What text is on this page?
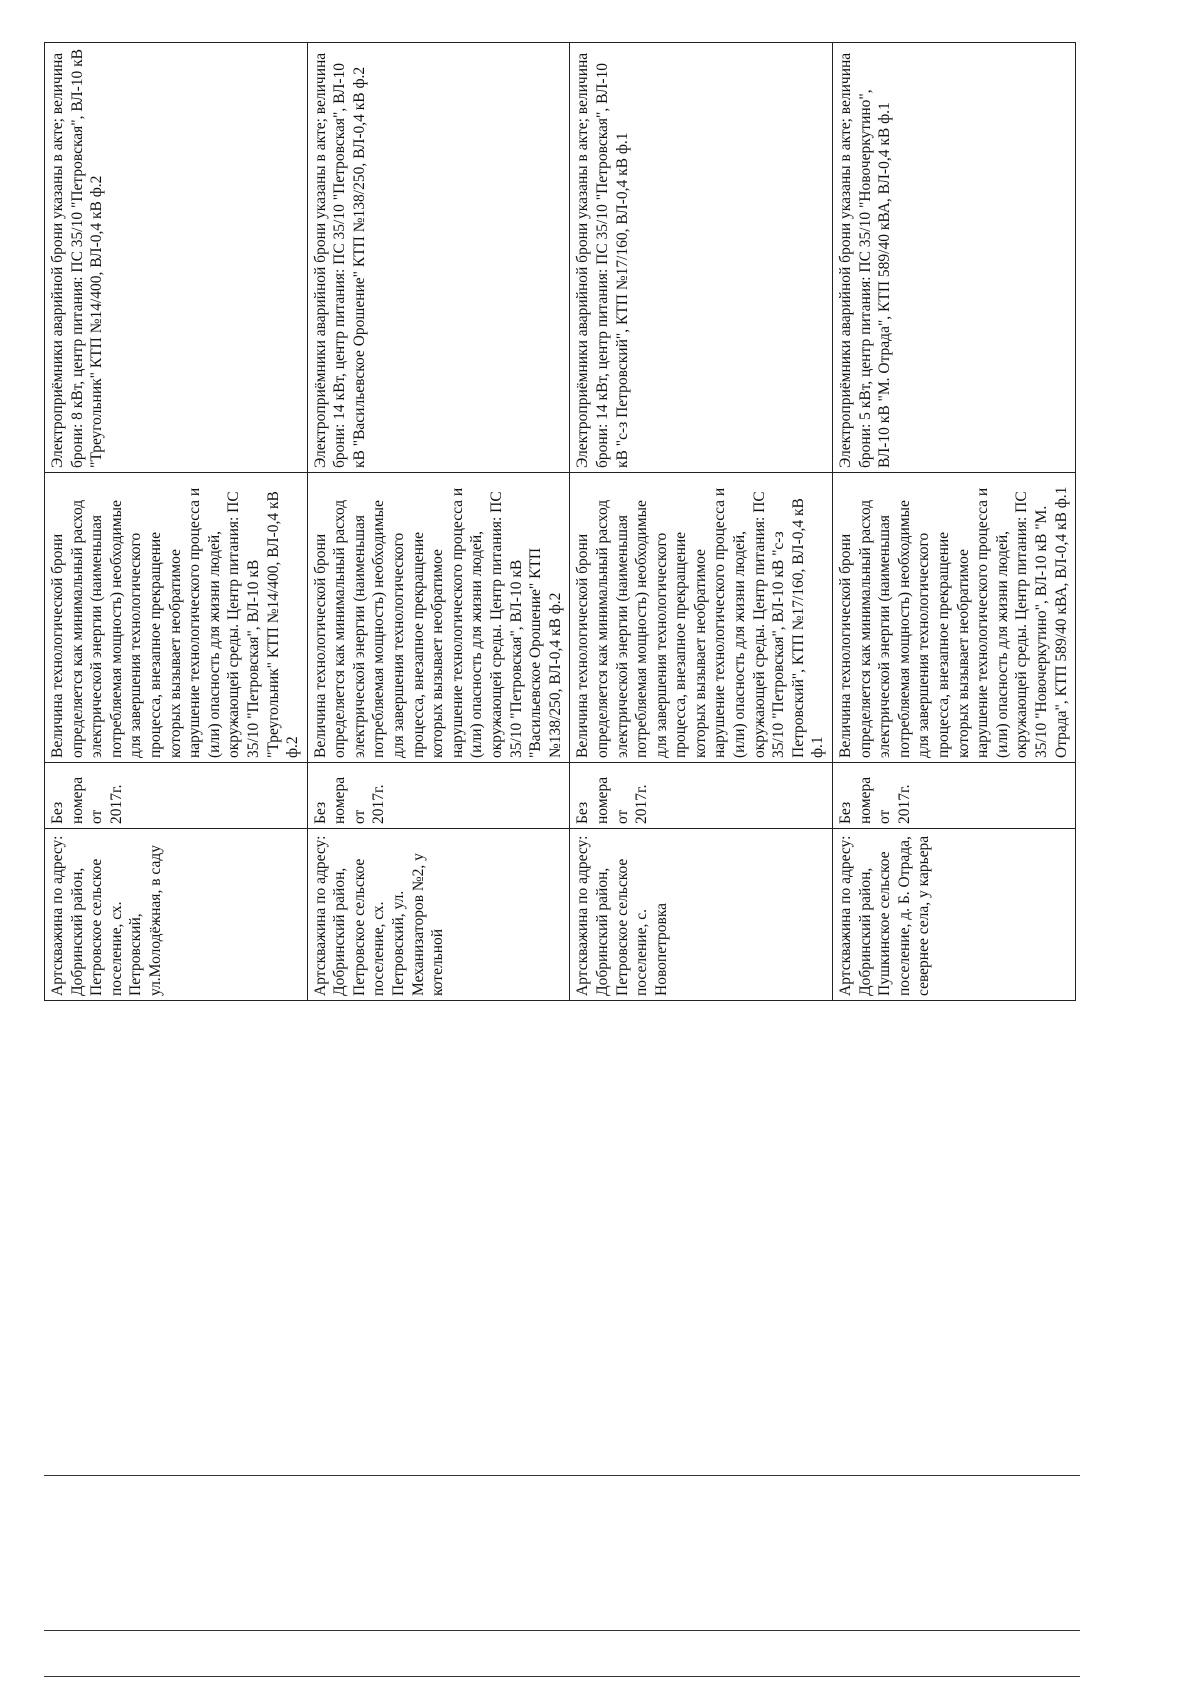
Артскважина по адресу: Добринский район, Петровское сельское поселение, сх. Петровский, ул.Молодёжная, в саду	Без номера от 2017г.	Величина технологической брони определяется как минимальный расход электрической энергии (наименьшая потребляемая мощность) необходимые для завершения технологического процесса, внезапное прекращение которых вызывает необратимое нарушение технологического процесса и (или) опасность для жизни людей, окружающей среды. Центр питания: ПС 35/10 "Петровская", ВЛ-10 кВ "Треугольник" КТП №14/400, ВЛ-0,4 кВ ф.2	Электроприёмники аварийной брони указаны в акте; величина брони: 8 кВт, центр питания: ПС 35/10 "Петровская", ВЛ-10 кВ "Треугольник" КТП №14/400, ВЛ-0,4 кВ ф.2

Артскважина по адресу: Добринский район, Петровское сельское поселение, сх. Петровский, ул. Механизаторов №2, у котельной	Без номера от 2017г.	Величина технологической брони определяется как минимальный расход электрической энергии (наименьшая потребляемая мощность) необходимые для завершения технологического процесса, внезапное прекращение которых вызывает необратимое нарушение технологического процесса и (или) опасность для жизни людей, окружающей среды. Центр питания: ПС 35/10 "Петровская", ВЛ-10 кВ "Васильевское Орошение" КТП №138/250, ВЛ-0,4 кВ ф.2	Электроприёмники аварийной брони указаны в акте; величина брони: 14 кВт, центр питания: ПС 35/10 "Петровская", ВЛ-10 кВ "Васильевское Орошение" КТП №138/250, ВЛ-0,4 кВ ф.2

Артскважина по адресу: Добринский район, Петровское сельское поселение, с. Новопетровка	Без номера от 2017г.	Величина технологической брони определяется как минимальный расход электрической энергии (наименьшая потребляемая мощность) необходимые для завершения технологического процесса, внезапное прекращение которых вызывает необратимое нарушение технологического процесса и (или) опасность для жизни людей, окружающей среды. Центр питания: ПС 35/10 "Петровская", ВЛ-10 кВ "с-з Петровский", КТП №17/160, ВЛ-0,4 кВ ф.1	Электроприёмники аварийной брони указаны в акте; величина брони: 14 кВт, центр питания: ПС 35/10 "Петровская", ВЛ-10 кВ "с-з Петровский", КТП №17/160, ВЛ-0,4 кВ ф.1

Артскважина по адресу: Добринский район, Пушкинское сельское поселение, д. Б. Отрада, севернее села, у карьера	Без номера от 2017г.	Величина технологической брони определяется как минимальный расход электрической энергии (наименьшая потребляемая мощность) необходимые для завершения технологического процесса, внезапное прекращение которых вызывает необратимое нарушение технологического процесса и (или) опасность для жизни людей, окружающей среды. Центр питания: ПС 35/10 "Новочеркутино", ВЛ-10 кВ "М. Отрада", КТП 589/40 кВА, ВЛ-0,4 кВ ф.1	Электроприёмники аварийной брони указаны в акте; величина брони: 5 кВт, центр питания: ПС 35/10 "Новочеркутино", ВЛ-10 кВ "М. Отрада", КТП 589/40 кВА, ВЛ-0,4 кВ ф.1
